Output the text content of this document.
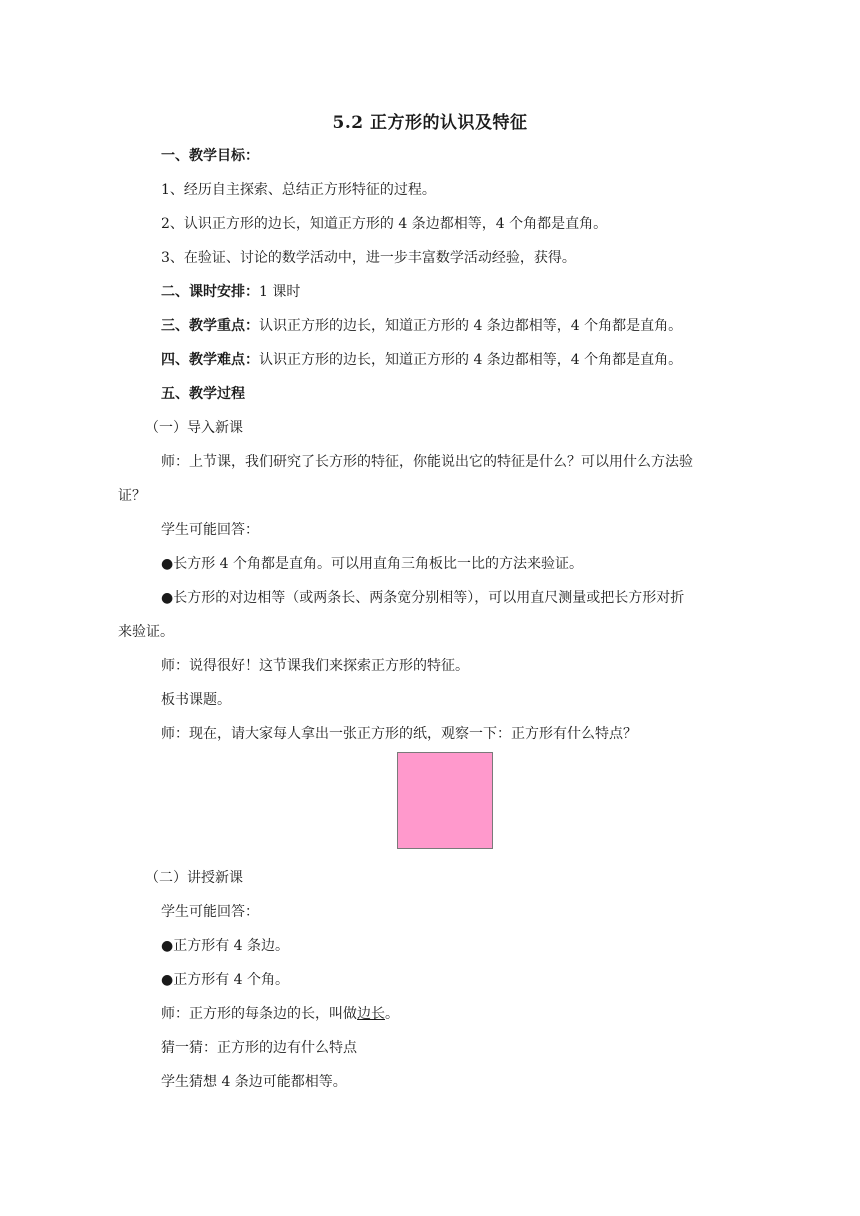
5.2 正方形的认识及特征
一、教学目标：
1、经历自主探索、总结正方形特征的过程。
2、认识正方形的边长，知道正方形的 4 条边都相等，4 个角都是直角。
3、在验证、讨论的数学活动中，进一步丰富数学活动经验，获得。
二、课时安排：1 课时
三、教学重点：认识正方形的边长，知道正方形的 4 条边都相等，4 个角都是直角。
四、教学难点：认识正方形的边长，知道正方形的 4 条边都相等，4 个角都是直角。
五、教学过程
（一）导入新课
师：上节课，我们研究了长方形的特征，你能说出它的特征是什么？可以用什么方法验
证？
学生可能回答：
●长方形 4 个角都是直角。可以用直角三角板比一比的方法来验证。
●长方形的对边相等（或两条长、两条宽分别相等），可以用直尺测量或把长方形对折
来验证。
师：说得很好！这节课我们来探索正方形的特征。
板书课题。
师：现在，请大家每人拿出一张正方形的纸，观察一下：正方形有什么特点？
（二）讲授新课
学生可能回答：
●正方形有 4 条边。
●正方形有 4 个角。
师：正方形的每条边的长，叫做边长。
猜一猜：正方形的边有什么特点
学生猜想 4 条边可能都相等。
